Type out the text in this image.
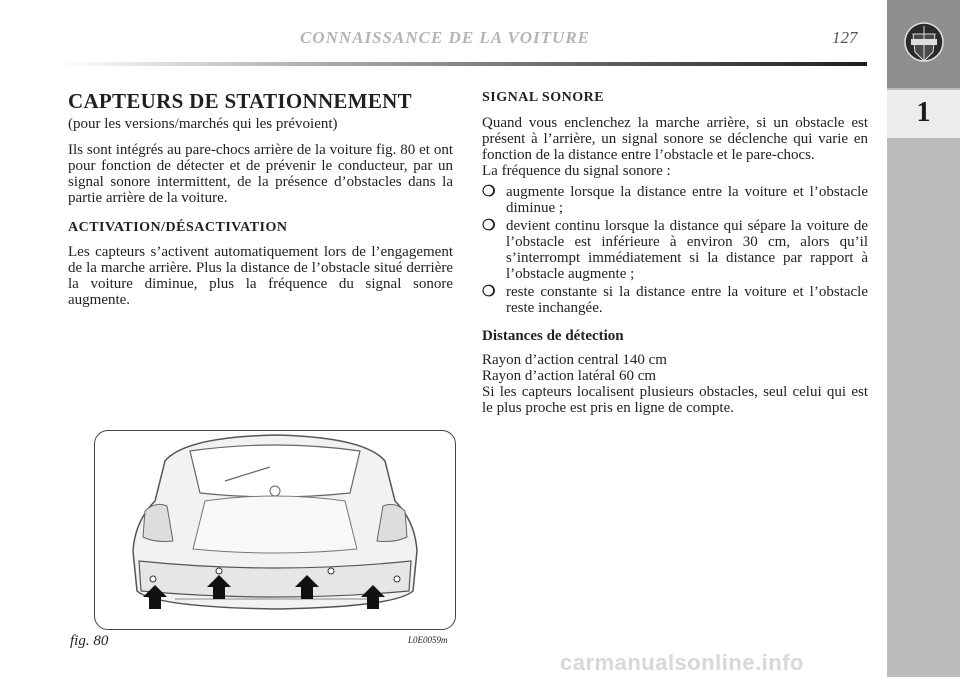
1
CONNAISSANCE DE LA VOITURE	127
CAPTEURS DE STATIONNEMENT
(pour les versions/marchés qui les prévoient)

Ils sont intégrés au pare-chocs arrière de la voiture fig. 80 et ont pour fonction de détecter et de prévenir le conducteur, par un signal sonore intermittent, de la présence d’obstacles dans la partie arrière de la voiture.

ACTIVATION/DÉSACTIVATION

Les capteurs s’activent automatiquement lors de l’engagement de la marche arrière. Plus la distance de l’obstacle situé derrière la voiture diminue, plus la fréquence du signal sonore augmente.

SIGNAL SONORE

Quand vous enclenchez la marche arrière, si un obstacle est présent à l’arrière, un signal sonore se déclenche qui varie en fonction de la distance entre l’obstacle et le pare-chocs.

La fréquence du signal sonore :
❍ augmente lorsque la distance entre la voiture et l’obstacle diminue ;
❍ devient continu lorsque la distance qui sépare la voiture de l’obstacle est inférieure à environ 30 cm, alors qu’il s’interrompt immédiatement si la distance par rapport à l’obstacle augmente ;
❍ reste constante si la distance entre la voiture et l’obstacle reste inchangée.
Distances de détection
Rayon d’action central 140 cm
Rayon d’action latéral 60 cm
Si les capteurs localisent plusieurs obstacles, seul celui qui est le plus proche est pris en ligne de compte.
fig. 80	L0E0059m
carmanualsonline.info
